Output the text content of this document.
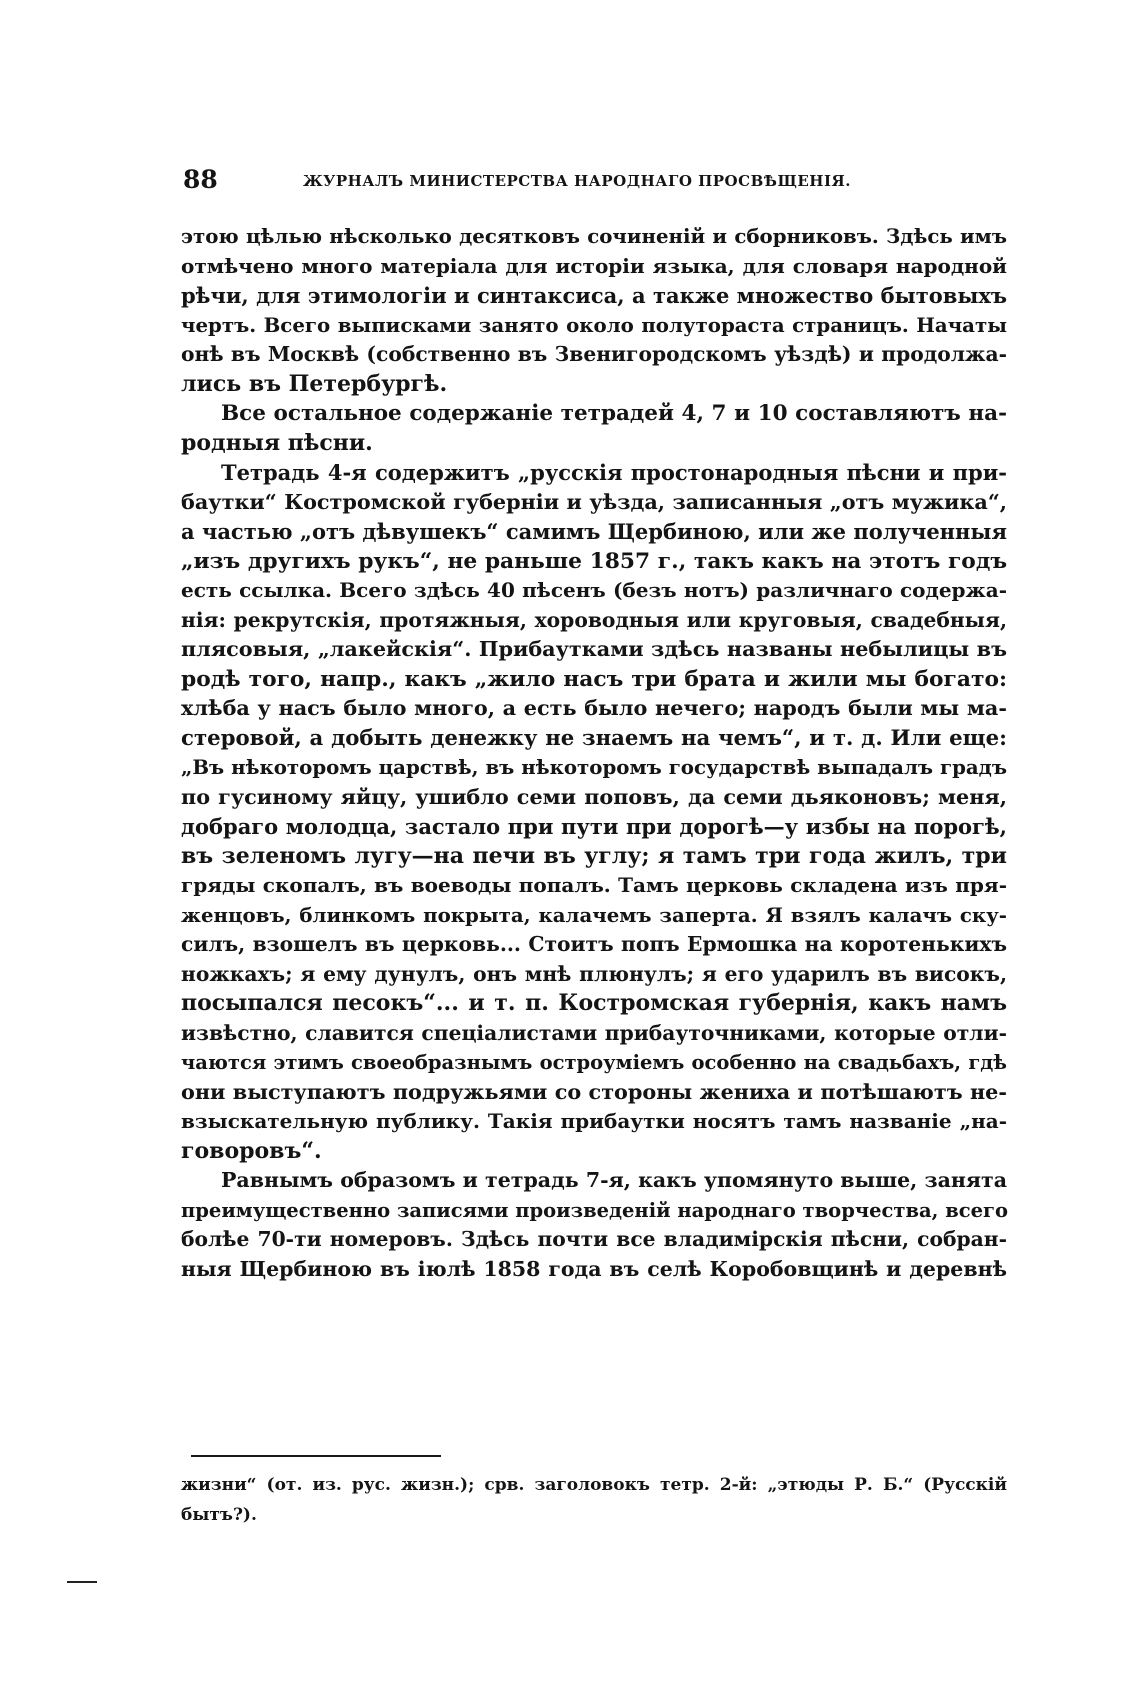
88	ЖУРНАЛЪ МИНИСТЕРСТВА НАРОДНАГО ПРОСВѢЩЕНІЯ.
этою цѣлью нѣсколько десятковъ сочиненій и сборниковъ. Здѣсь имъ
отмѣчено много матеріала для исторіи языка, для словаря народной
рѣчи, для этимологіи и синтаксиса, а также множество бытовыхъ
чертъ. Всего выписками занято около полутораста страницъ. Начаты
онѣ въ Москвѣ (собственно въ Звенигородскомъ уѣздѣ) и продолжа-
лись въ Петербургѣ.
Все остальное содержаніе тетрадей 4, 7 и 10 составляютъ на-
родныя пѣсни.
Тетрадь 4-я содержитъ „русскія простонародныя пѣсни и при-
баутки“ Костромской губерніи и уѣзда, записанныя „отъ мужика“,
а частью „отъ дѣвушекъ“ самимъ Щербиною, или же полученныя
„изъ другихъ рукъ“, не раньше 1857 г., такъ какъ на этотъ годъ
есть ссылка. Всего здѣсь 40 пѣсенъ (безъ нотъ) различнаго содержа-
нія: рекрутскія, протяжныя, хороводныя или круговыя, свадебныя,
плясовыя, „лакейскія“. Прибаутками здѣсь названы небылицы въ
родѣ того, напр., какъ „жило насъ три брата и жили мы богато:
хлѣба у насъ было много, а есть было нечего; народъ были мы ма-
стеровой, а добыть денежку не знаемъ на чемъ“, и т. д. Или еще:
„Въ нѣкоторомъ царствѣ, въ нѣкоторомъ государствѣ выпадалъ градъ
по гусиному яйцу, ушибло семи поповъ, да семи дьяконовъ; меня,
добраго молодца, застало при пути при дорогѣ—у избы на порогѣ,
въ зеленомъ лугу—на печи въ углу; я тамъ три года жилъ, три
гряды скопалъ, въ воеводы попалъ. Тамъ церковь складена изъ пря-
женцовъ, блинкомъ покрыта, калачемъ заперта. Я взялъ калачъ ску-
силъ, взошелъ въ церковь... Стоитъ попъ Ермошка на коротенькихъ
ножкахъ; я ему дунулъ, онъ мнѣ плюнулъ; я его ударилъ въ високъ,
посыпался песокъ“... и т. п. Костромская губернія, какъ намъ
извѣстно, славится спеціалистами прибауточниками, которые отли-
чаются этимъ своеобразнымъ остроуміемъ особенно на свадьбахъ, гдѣ
они выступаютъ подружьями со стороны жениха и потѣшаютъ не-
взыскательную публику. Такія прибаутки носятъ тамъ названіе „на-
говоровъ“.
Равнымъ образомъ и тетрадь 7-я, какъ упомянуто выше, занята
преимущественно записями произведеній народнаго творчества, всего
болѣе 70-ти номеровъ. Здѣсь почти все владимірскія пѣсни, собран-
ныя Щербиною въ іюлѣ 1858 года въ селѣ Коробовщинѣ и деревнѣ
жизни“ (от. из. рус. жизн.); срв. заголовокъ тетр. 2-й: „этюды Р. Б.“ (Русскій
бытъ?).
